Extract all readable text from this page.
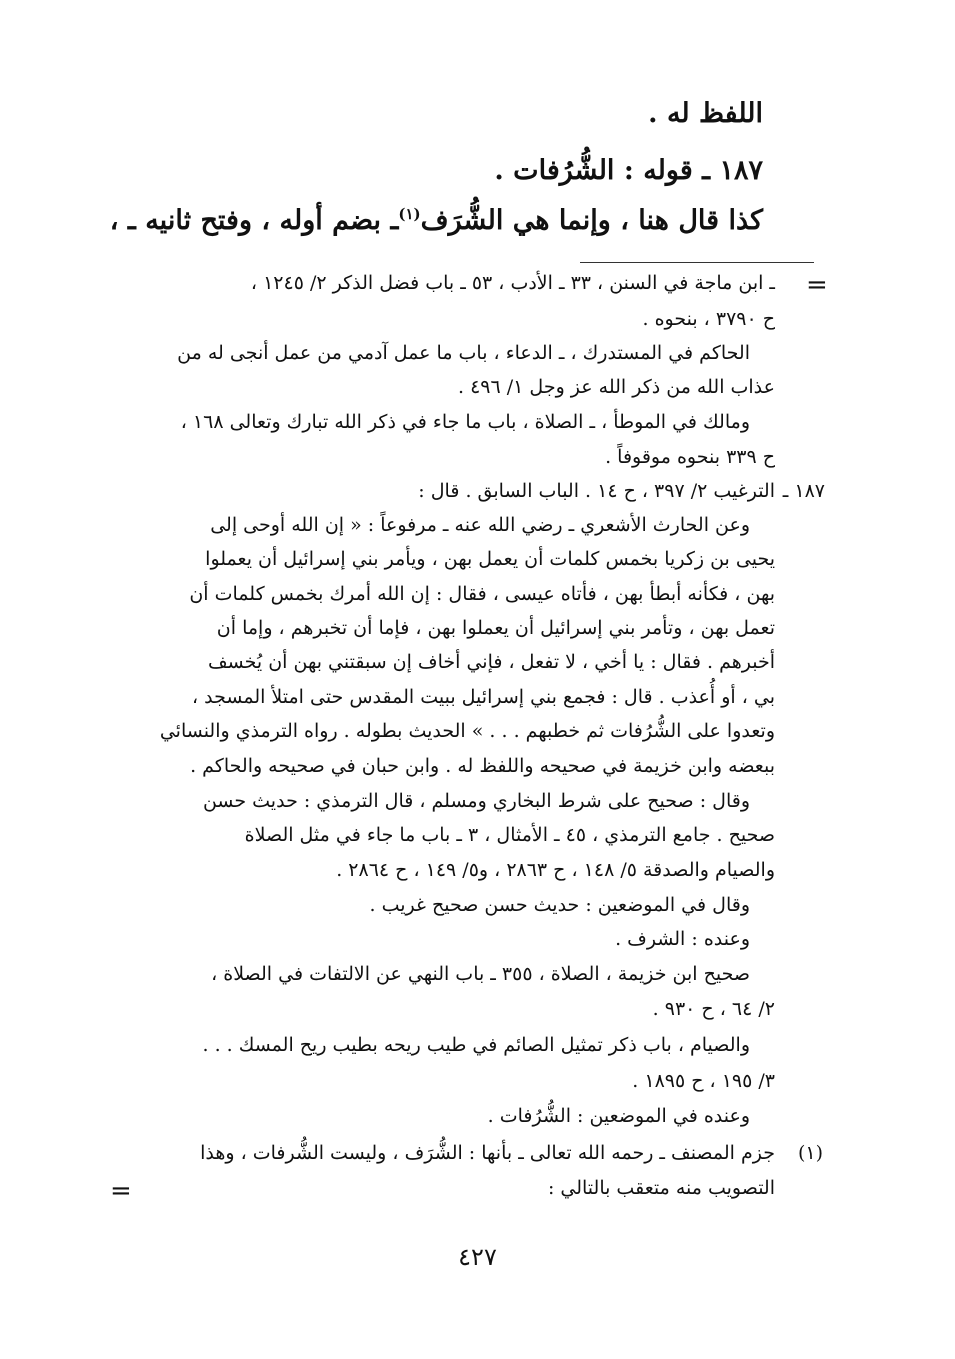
اللفظ له .
١٨٧ ـ قوله : الشُّرُفات .
كذا قال هنا ، وإنما هي الشُّرَف$^{(١)}$ـ بضم أوله ، وفتح ثانيه ـ ،
=
ـ ابن ماجة في السنن ، ٣٣ ـ الأدب ، ٥٣ ـ باب فضل الذكر ٢/ ١٢٤٥ ،
ح ٣٧٩٠ ، بنحوه .
الحاكم في المستدرك ، ـ الدعاء ، باب ما عمل آدمي من عمل أنجى له من
عذاب الله من ذكر الله عز وجل ١/ ٤٩٦ .
ومالك في الموطأ ، ـ الصلاة ، باب ما جاء في ذكر الله تبارك وتعالى ١٦٨ ،
ح ٣٣٩ بنحوه موقوفاً .
١٨٧ ـ
الترغيب ٢/ ٣٩٧ ، ح ١٤ . الباب السابق . قال :
وعن الحارث الأشعري ـ رضي الله عنه ـ مرفوعاً : « إن الله أوحى إلى
يحيى بن زكريا بخمس كلمات أن يعمل بهن ، ويأمر بني إسرائيل أن يعملوا
بهن ، فكأنه أبطأ بهن ، فأتاه عيسى ، فقال : إن الله أمرك بخمس كلمات أن
تعمل بهن ، وتأمر بني إسرائيل أن يعملوا بهن ، فإما أن تخبرهم ، وإما أن
أخبرهم . فقال : يا أخي ، لا تفعل ، فإني أخاف إن سبقتني بهن أن يُخسف
بي ، أو أُعذب . قال : فجمع بني إسرائيل ببيت المقدس حتى امتلأ المسجد ،
وتعدوا على الشُّرُفات ثم خطبهم . . . » الحديث بطوله . رواه الترمذي والنسائي
ببعضه وابن خزيمة في صحيحه واللفظ له . وابن حبان في صحيحه والحاكم .
وقال : صحيح على شرط البخاري ومسلم ، قال الترمذي : حديث حسن
صحيح . جامع الترمذي ، ٤٥ ـ الأمثال ، ٣ ـ باب ما جاء في مثل الصلاة
والصيام والصدقة ٥/ ١٤٨ ، ح ٢٨٦٣ ، و٥/ ١٤٩ ، ح ٢٨٦٤ .
وقال في الموضعين : حديث حسن صحيح غريب .
وعنده : الشرف .
صحيح ابن خزيمة ، الصلاة ، ٣٥٥ ـ باب النهي عن الالتفات في الصلاة ،
٢/ ٦٤ ، ح ٩٣٠ .
والصيام ، باب ذكر تمثيل الصائم في طيب ريحه بطيب ريح المسك . . .
٣/ ١٩٥ ، ح ١٨٩٥ .
وعنده في الموضعين : الشُّرُفات .
(١)
جزم المصنف ـ رحمه الله تعالى ـ بأنها : الشُّرَف ، وليست الشُّرفات ، وهذا
التصويب منه متعقب بالتالي :
=
٤٢٧
